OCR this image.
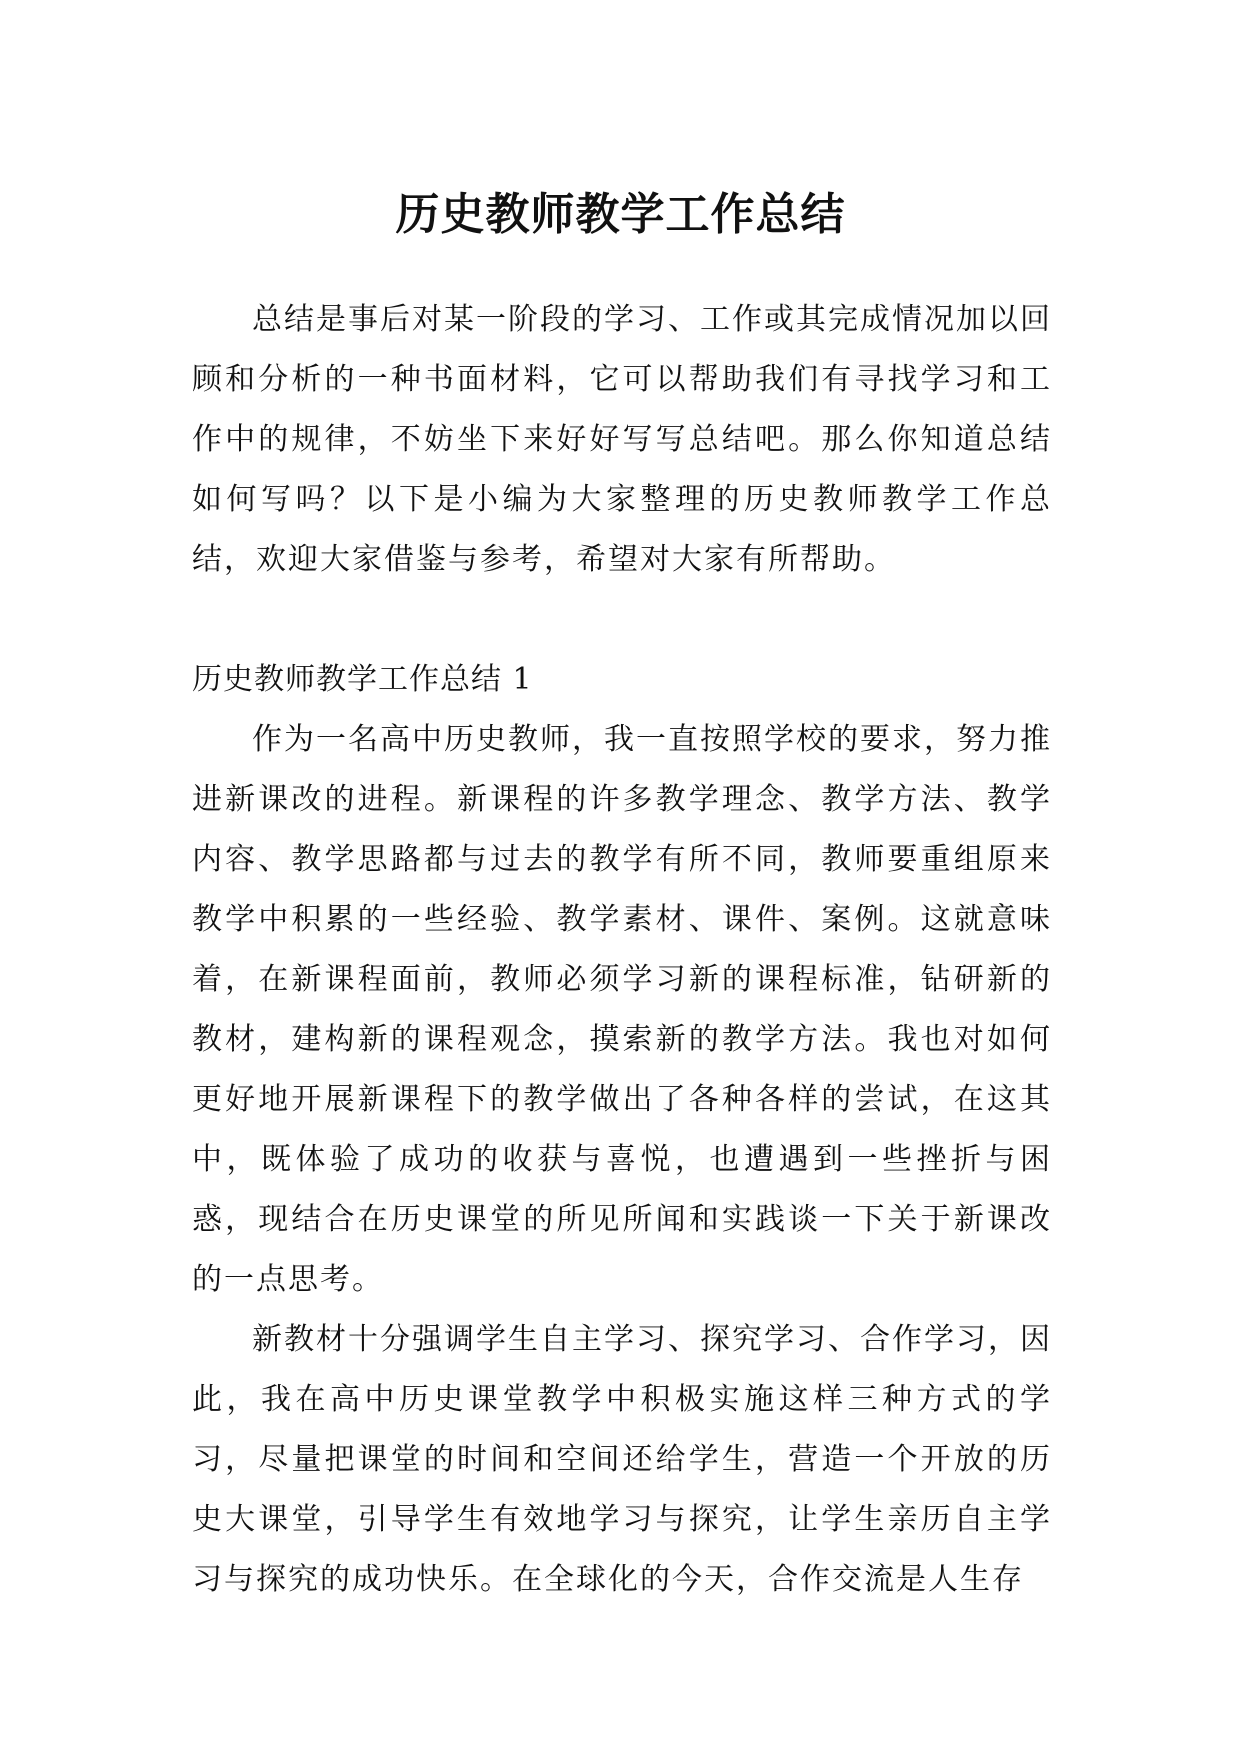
历史教师教学工作总结

总结是事后对某一阶段的学习、工作或其完成情况加以回顾和分析的一种书面材料，它可以帮助我们有寻找学习和工作中的规律，不妨坐下来好好写写总结吧。那么你知道总结如何写吗？以下是小编为大家整理的历史教师教学工作总结，欢迎大家借鉴与参考，希望对大家有所帮助。

历史教师教学工作总结 1

作为一名高中历史教师，我一直按照学校的要求，努力推进新课改的进程。新课程的许多教学理念、教学方法、教学内容、教学思路都与过去的教学有所不同，教师要重组原来教学中积累的一些经验、教学素材、课件、案例。这就意味着，在新课程面前，教师必须学习新的课程标准，钻研新的教材，建构新的课程观念，摸索新的教学方法。我也对如何更好地开展新课程下的教学做出了各种各样的尝试，在这其中，既体验了成功的收获与喜悦，也遭遇到一些挫折与困惑，现结合在历史课堂的所见所闻和实践谈一下关于新课改的一点思考。

新教材十分强调学生自主学习、探究学习、合作学习，因此，我在高中历史课堂教学中积极实施这样三种方式的学习，尽量把课堂的时间和空间还给学生，营造一个开放的历史大课堂，引导学生有效地学习与探究，让学生亲历自主学习与探究的成功快乐。在全球化的今天，合作交流是人生存
